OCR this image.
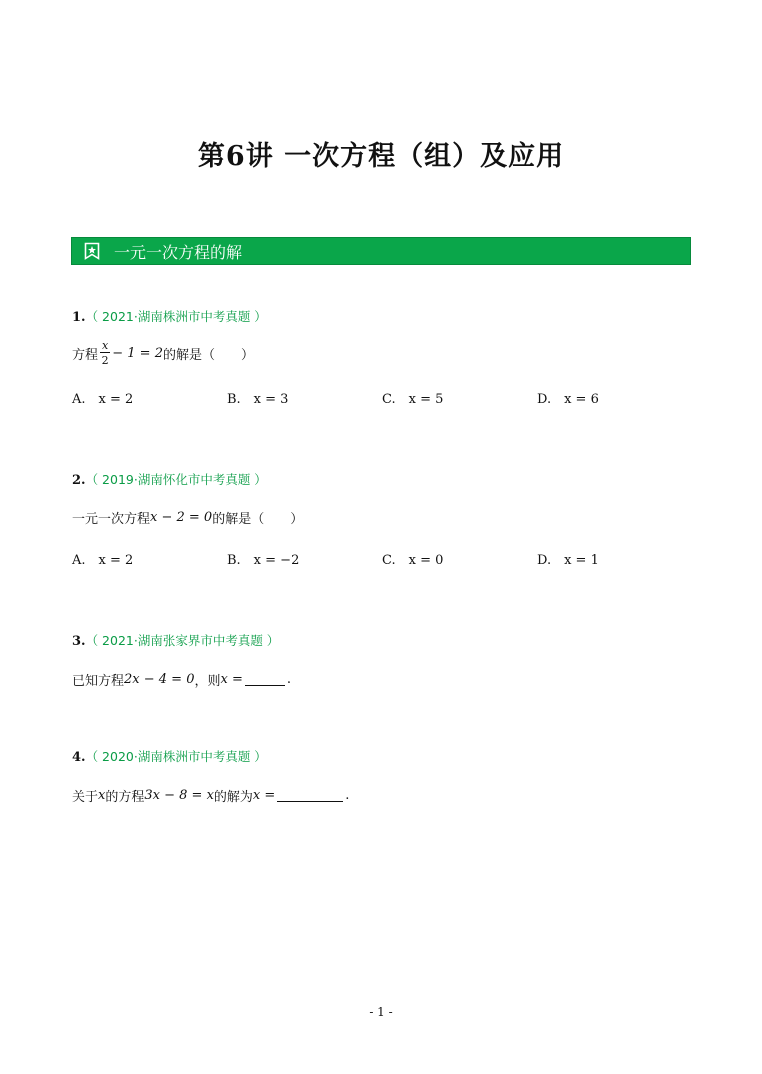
第6讲 一次方程（组）及应用
一元一次方程的解
1.（ 2021·湖南株洲市中考真题 ）
方程 $\frac{x}{2} - 1 = 2$ 的解是（　　）
A.　x = 2	B.　x = 3	C.　x = 5	D.　x = 6
2.（ 2019·湖南怀化市中考真题 ）
一元一次方程 x − 2 = 0 的解是（　　）
A.　x = 2	B.　x = −2	C.　x = 0	D.　x = 1
3.（ 2021·湖南张家界市中考真题 ）
已知方程 2x − 4 = 0 ，则 x =	.
4.（ 2020·湖南株洲市中考真题 ）
关于 x 的方程 3x − 8 = x 的解为 x =	.
- 1 -
